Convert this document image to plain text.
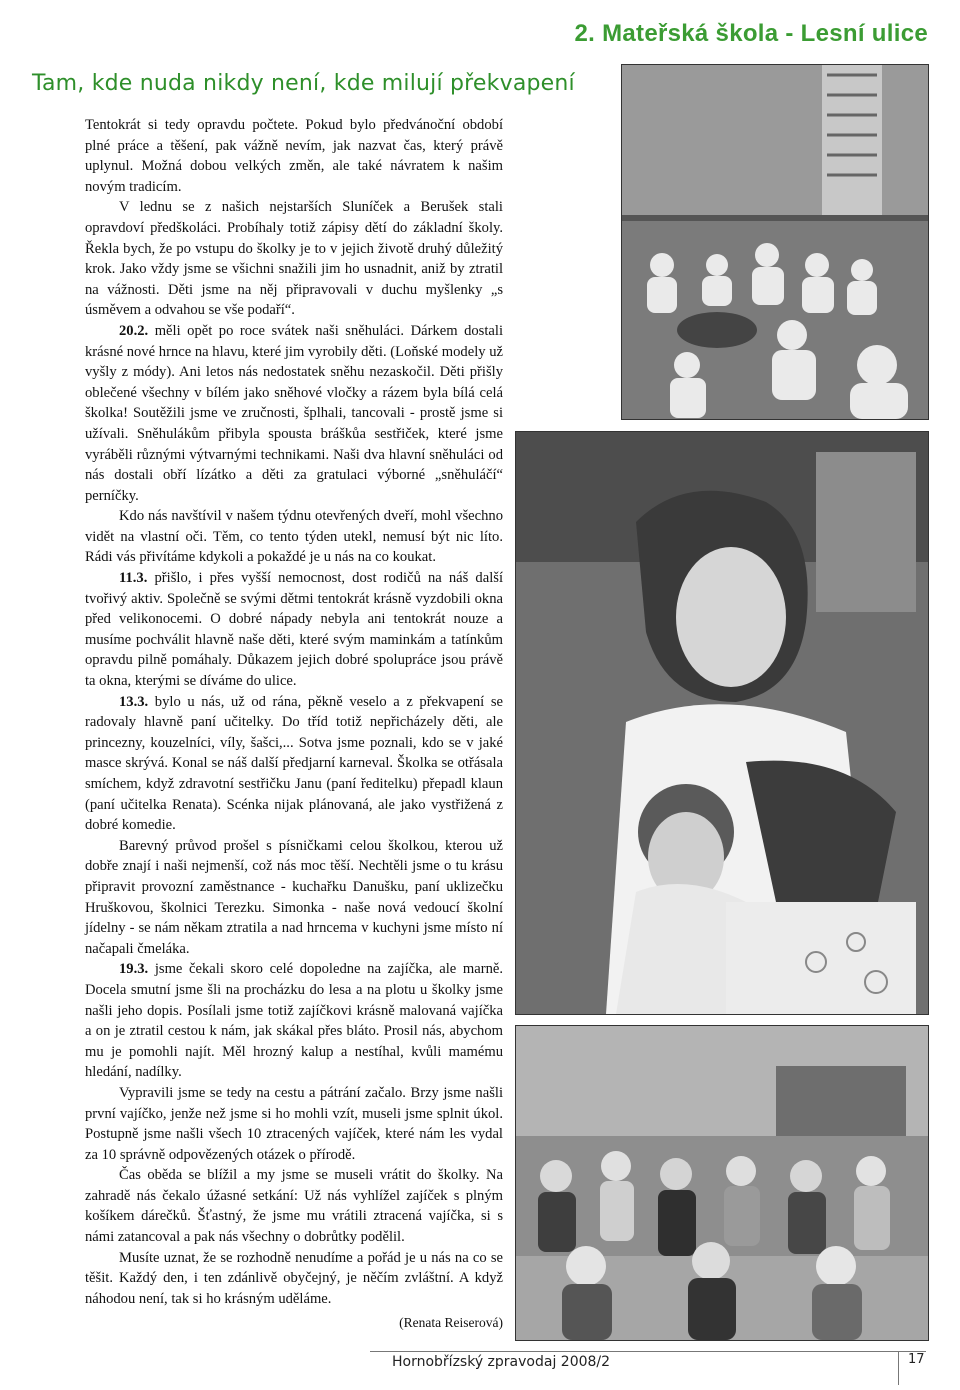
2. Mateřská škola - Lesní ulice
Tam, kde nuda nikdy není, kde milují překvapení

Tentokrát si tedy opravdu počtete. Pokud bylo předvánoční období plné práce a těšení, pak vážně nevím, jak nazvat čas, který právě uplynul. Možná dobou velkých změn, ale také návratem k našim novým tradicím.

V lednu se z našich nejstarších Sluníček a Berušek stali opravdoví předškoláci. Probíhaly totiž zápisy dětí do základní školy. Řekla bych, že po vstupu do školky je to v jejich životě druhý důležitý krok. Jako vždy jsme se všichni snažili jim ho usnadnit, aniž by ztratil na vážnosti. Děti jsme na něj připravovali v duchu myšlenky „s úsměvem a odvahou se vše podaří“.

20.2. měli opět po roce svátek naši sněhuláci. Dárkem dostali krásné nové hrnce na hlavu, které jim vyrobily děti. (Loňské modely už vyšly z módy). Ani letos nás nedostatek sněhu nezaskočil. Děti přišly oblečené všechny v bílém jako sněhové vločky a rázem byla bílá celá školka! Soutěžili jsme ve zručnosti, šplhali, tancovali - prostě jsme si užívali. Sněhulákům přibyla spousta bráškůa sestřiček, které jsme vyráběli různými výtvarnými technikami. Naši dva hlavní sněhuláci od nás dostali obří lízátko a děti za gratulaci výborné „sněhuláčí“ perníčky.

Kdo nás navštívil v našem týdnu otevřených dveří, mohl všechno vidět na vlastní oči. Těm, co tento týden utekl, nemusí být nic líto. Rádi vás přivítáme kdykoli a pokaždé je u nás na co koukat.

11.3. přišlo, i přes vyšší nemocnost, dost rodičů na náš další tvořivý aktiv. Společně se svými dětmi tentokrát krásně vyzdobili okna před velikonocemi. O dobré nápady nebyla ani tentokrát nouze a musíme pochválit hlavně naše děti, které svým maminkám a tatínkům opravdu pilně pomáhaly. Důkazem jejich dobré spolupráce jsou právě ta okna, kterými se díváme do ulice.

13.3. bylo u nás, už od rána, pěkně veselo a z překvapení se radovaly hlavně paní učitelky. Do tříd totiž nepřicházely děti, ale princezny, kouzelníci, víly, šašci,... Sotva jsme poznali, kdo se v jaké masce skrývá. Konal se náš další předjarní karneval. Školka se otřásala smíchem, když zdravotní sestřičku Janu (paní ředitelku) přepadl klaun (paní učitelka Renata). Scénka nijak plánovaná, ale jako vystřižená z dobré komedie.

Barevný průvod prošel s písničkami celou školkou, kterou už dobře znají i naši nejmenší, což nás moc těší. Nechtěli jsme o tu krásu připravit provozní zaměstnance - kuchařku Danušku, paní uklizečku Hruškovou, školnici Terezku. Simonka - naše nová vedoucí školní jídelny - se nám někam ztratila a nad hrncema v kuchyni jsme místo ní načapali čmeláka.

19.3. jsme čekali skoro celé dopoledne na zajíčka, ale marně. Docela smutní jsme šli na procházku do lesa a na plotu u školky jsme našli jeho dopis. Posílali jsme totiž zajíčkovi krásně malovaná vajíčka a on je ztratil cestou k nám, jak skákal přes bláto. Prosil nás, abychom mu je pomohli najít. Měl hrozný kalup a nestíhal, kvůli mamému hledání, nadílky.

Vypravili jsme se tedy na cestu a pátrání začalo. Brzy jsme našli první vajíčko, jenže než jsme si ho mohli vzít, museli jsme splnit úkol. Postupně jsme našli všech 10 ztracených vajíček, které nám les vydal za 10 správně odpovězených otázek o přírodě.

Čas oběda se blížil a my jsme se museli vrátit do školky. Na zahradě nás čekalo úžasné setkání: Už nás vyhlížel zajíček s plným košíkem dárečků. Šťastný, že jsme mu vrátili ztracená vajíčka, si s námi zatancoval a pak nás všechny o dobrůtky podělil.

Musíte uznat, že se rozhodně nenudíme a pořád je u nás na co se těšit. Každý den, i ten zdánlivě obyčejný, je něčím zvláštní. A když náhodou není, tak si ho krásným uděláme.

(Renata Reiserová)
Hornobřízský zpravodaj 2008/2	17
